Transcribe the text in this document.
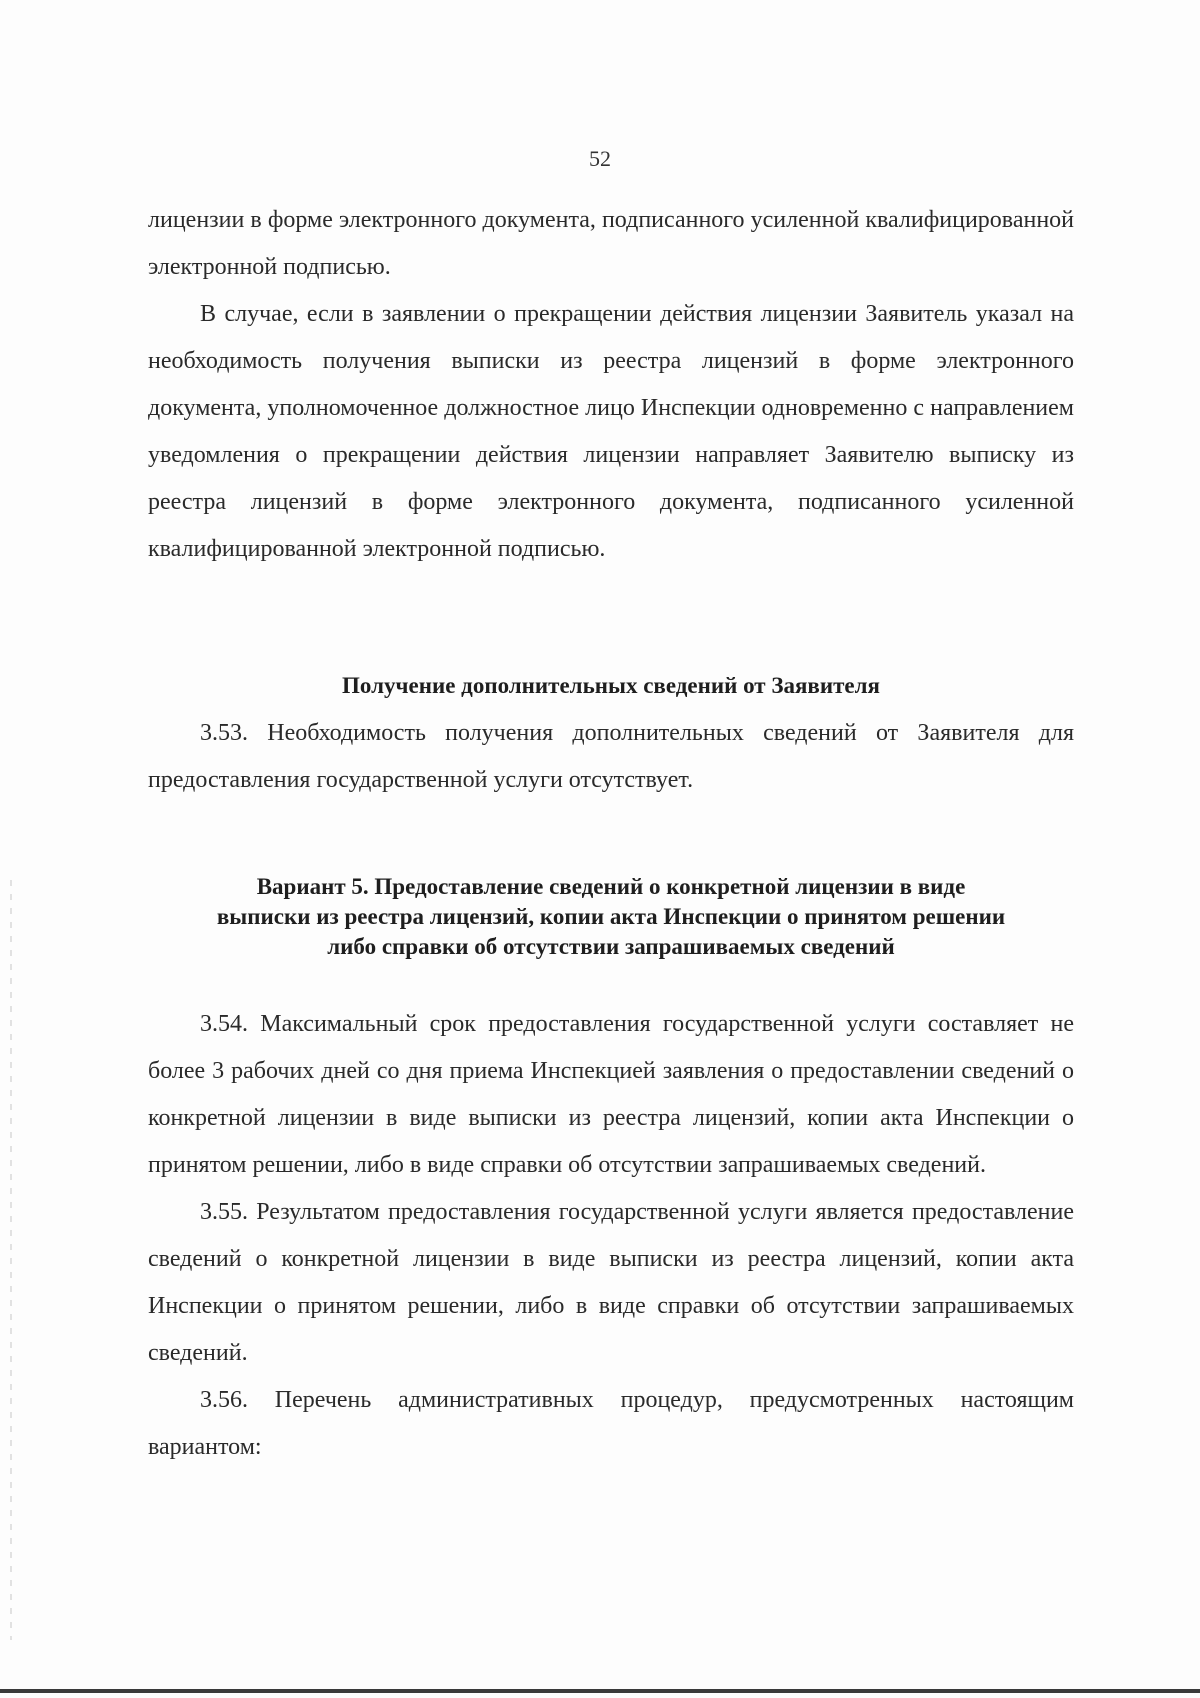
52

лицензии в форме электронного документа, подписанного усиленной квалифицированной электронной подписью.

В случае, если в заявлении о прекращении действия лицензии Заявитель указал на необходимость получения выписки из реестра лицензий в форме электронного документа, уполномоченное должностное лицо Инспекции одновременно с направлением уведомления о прекращении действия лицензии направляет Заявителю выписку из реестра лицензий в форме электронного документа, подписанного усиленной квалифицированной электронной подписью.

Получение дополнительных сведений от Заявителя

3.53. Необходимость получения дополнительных сведений от Заявителя для предоставления государственной услуги отсутствует.

Вариант 5. Предоставление сведений о конкретной лицензии в виде
выписки из реестра лицензий, копии акта Инспекции о принятом решении
либо справки об отсутствии запрашиваемых сведений

3.54. Максимальный срок предоставления государственной услуги составляет не более 3 рабочих дней со дня приема Инспекцией заявления о предоставлении сведений о конкретной лицензии в виде выписки из реестра лицензий, копии акта Инспекции о принятом решении, либо в виде справки об отсутствии запрашиваемых сведений.

3.55. Результатом предоставления государственной услуги является предоставление сведений о конкретной лицензии в виде выписки из реестра лицензий, копии акта Инспекции о принятом решении, либо в виде справки об отсутствии запрашиваемых сведений.

3.56. Перечень административных процедур, предусмотренных настоящим вариантом:
